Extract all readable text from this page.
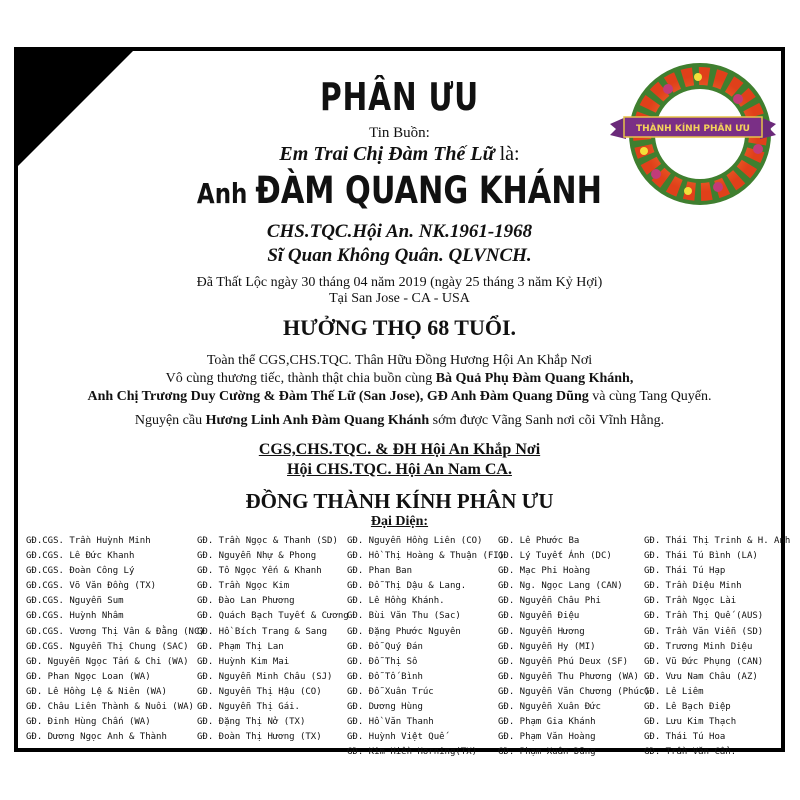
THÀNH KÍNH PHÂN ƯU
PHÂN ƯU
Tin Buồn:
Em Trai Chị Đàm Thế Lữ là:
Anh ĐÀM QUANG KHÁNH
CHS.TQC.Hội An. NK.1961-1968
Sĩ Quan Không Quân. QLVNCH.
Đã Thất Lộc ngày 30 tháng 04 năm 2019 (ngày 25 tháng 3 năm Kỷ Hợi)
Tại San Jose - CA - USA
HƯỞNG THỌ 68 TUỔI.
Toàn thể CGS,CHS.TQC. Thân Hữu Đồng Hương Hội An Khắp Nơi
Vô cùng thương tiếc, thành thật chia buồn cùng Bà Quả Phụ Đàm Quang Khánh,
Anh Chị Trương Duy Cường & Đàm Thế Lữ (San Jose), GĐ Anh Đàm Quang Dũng và cùng Tang Quyến.
Nguyện cầu Hương Linh Anh Đàm Quang Khánh sớm được Vãng Sanh nơi cõi Vĩnh Hằng.
CGS,CHS.TQC. & ĐH Hội An Khắp Nơi
Hội CHS.TQC. Hội An Nam CA.
ĐỒNG THÀNH KÍNH PHÂN ƯU
Đại Diện:
GĐ.CGS. Trần Huỳnh Minh
GĐ.CGS. Lê Đức Khanh
GĐ.CGS. Đoàn Công Lý
GĐ.CGS. Võ Văn Đồng (TX)
GĐ.CGS. Nguyễn Sum
GĐ.CGS. Huỳnh Nhâm
GĐ.CGS. Vương Thị Vân & Đằng (NC)
GĐ.CGS. Nguyễn Thị Chung (SAC)
GĐ. Nguyễn Ngọc Tấn & Chi (WA)
GĐ. Phan Ngọc Loan (WA)
GĐ. Lê Hồng Lệ & Niên (WA)
GĐ. Châu Liên Thành & Nuôi (WA)
GĐ. Đinh Hùng Chấn (WA)
GĐ. Dương Ngọc Anh & Thành
GĐ. Trần Ngọc & Thanh (SD)
GĐ. Nguyễn Nhự & Phong
GĐ. Tô Ngọc Yến & Khanh
GĐ. Trần Ngọc Kim
GĐ. Đào Lan Phương
GĐ. Quách Bạch Tuyết & Cương
GĐ. Hồ Bích Trang & Sang
GĐ. Phạm Thị Lan
GĐ. Huỳnh Kim Mai
GĐ. Nguyễn Minh Châu (SJ)
GĐ. Nguyễn Thị Hậu (CO)
GĐ. Nguyễn Thị Gái.
GĐ. Đặng Thị Nở (TX)
GĐ. Đoàn Thị Hương (TX)
GĐ. Nguyễn Hồng Liên (CO)
GĐ. Hồ Thị Hoàng & Thuận (FI)
GĐ. Phan Ban
GĐ. Đỗ Thị Dậu & Lang.
GĐ. Lê Hồng Khánh.
GĐ. Bùi Văn Thu (Sac)
GĐ. Đặng Phước Nguyên
GĐ. Đỗ Quý Đán
GĐ. Đỗ Thị Sô
GĐ. Đỗ Tố Bình
GĐ. Đỗ Xuân Trúc
GĐ. Dương Hùng
GĐ. Hồ Văn Thanh
GĐ. Huỳnh Việt Quế
GĐ. Kim Hiền Horning(TX)
GĐ. Lê Phước Ba
GĐ. Lý Tuyết Ánh (DC)
GĐ. Mạc Phi Hoàng
GĐ. Ng. Ngọc Lang (CAN)
GĐ. Nguyễn Châu Phi
GĐ. Nguyễn Điệu
GĐ. Nguyễn Hương
GĐ. Nguyễn Hy (MI)
GĐ. Nguyễn Phú Deux (SF)
GĐ. Nguyễn Thu Phương (WA)
GĐ. Nguyễn Văn Chương (Phúc)
GĐ. Nguyễn Xuân Đức
GĐ. Phạm Gia Khánh
GĐ. Phạm Văn Hoàng
GĐ. Phạm Xuân Dũng
GĐ. Thái Thị Trinh & H. Anh
GĐ. Thái Tú Bình (LA)
GĐ. Thái Tú Hạp
GĐ. Trần Diệu Minh
GĐ. Trần Ngọc Lài
GĐ. Trần Thị Quế (AUS)
GĐ. Trần Văn Viễn (SD)
GĐ. Trương Minh Diệu
GĐ. Vũ Đức Phụng (CAN)
GĐ. Vưu Nam Châu (AZ)
GĐ. Lê Liêm
GĐ. Lê Bạch Điệp
GĐ. Lưu Kim Thạch
GĐ. Thái Tú Hoa
GĐ. Trần Văn Cẩn.
